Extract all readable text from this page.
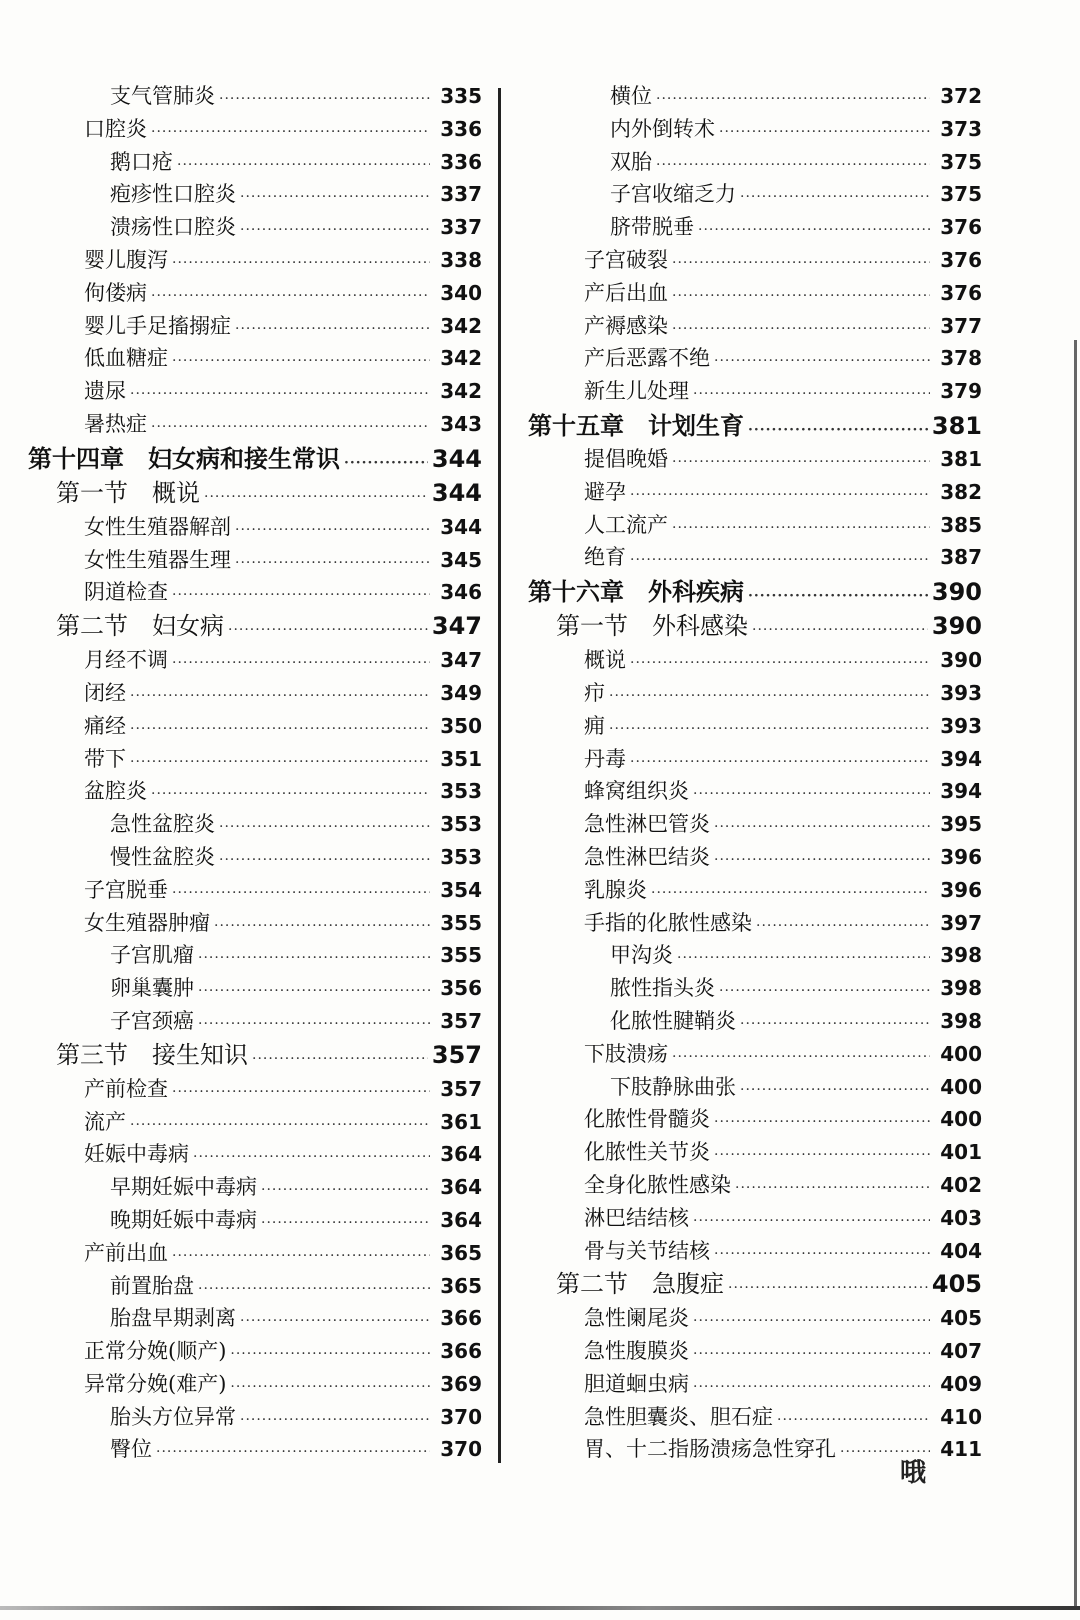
支气管肺炎 ·····	335
口腔炎 ·····	336
鹅口疮 ·····	336
疱疹性口腔炎 ·····	337
溃疡性口腔炎 ·····	337
婴儿腹泻 ·····	338
佝偻病 ·····	340
婴儿手足搐搦症 ·····	342
低血糖症 ·····	342
遗尿 ·····	342
暑热症 ·····	343
第十四章　妇女病和接生常识 ·····	344
第一节　概说 ·····	344
女性生殖器解剖 ·····	344
女性生殖器生理 ·····	345
阴道检查 ·····	346
第二节　妇女病 ·····	347
月经不调 ·····	347
闭经 ·····	349
痛经 ·····	350
带下 ·····	351
盆腔炎 ·····	353
急性盆腔炎 ·····	353
慢性盆腔炎 ·····	353
子宫脱垂 ·····	354
女生殖器肿瘤 ·····	355
子宫肌瘤 ·····	355
卵巢囊肿 ·····	356
子宫颈癌 ·····	357
第三节　接生知识 ·····	357
产前检查 ·····	357
流产 ·····	361
妊娠中毒病 ·····	364
早期妊娠中毒病 ·····	364
晚期妊娠中毒病 ·····	364
产前出血 ·····	365
前置胎盘 ·····	365
胎盘早期剥离 ·····	366
正常分娩(顺产) ·····	366
异常分娩(难产) ·····	369
胎头方位异常 ·····	370
臀位 ·····	370
横位 ·····	372
内外倒转术 ·····	373
双胎 ·····	375
子宫收缩乏力 ·····	375
脐带脱垂 ·····	376
子宫破裂 ·····	376
产后出血 ·····	376
产褥感染 ·····	377
产后恶露不绝 ·····	378
新生儿处理 ·····	379
第十五章　计划生育 ·····	381
提倡晚婚 ·····	381
避孕 ·····	382
人工流产 ·····	385
绝育 ·····	387
第十六章　外科疾病 ·····	390
第一节　外科感染 ·····	390
概说 ·····	390
疖 ·····	393
痈 ·····	393
丹毒 ·····	394
蜂窝组织炎 ·····	394
急性淋巴管炎 ·····	395
急性淋巴结炎 ·····	396
乳腺炎 ·····	396
手指的化脓性感染 ·····	397
甲沟炎 ·····	398
脓性指头炎 ·····	398
化脓性腱鞘炎 ·····	398
下肢溃疡 ·····	400
下肢静脉曲张 ·····	400
化脓性骨髓炎 ·····	400
化脓性关节炎 ·····	401
全身化脓性感染 ·····	402
淋巴结结核 ·····	403
骨与关节结核 ·····	404
第二节　急腹症 ·····	405
急性阑尾炎 ·····	405
急性腹膜炎 ·····	407
胆道蛔虫病 ·····	409
急性胆囊炎、胆石症 ·····	410
胃、十二指肠溃疡急性穿孔 ·····	411
哦
